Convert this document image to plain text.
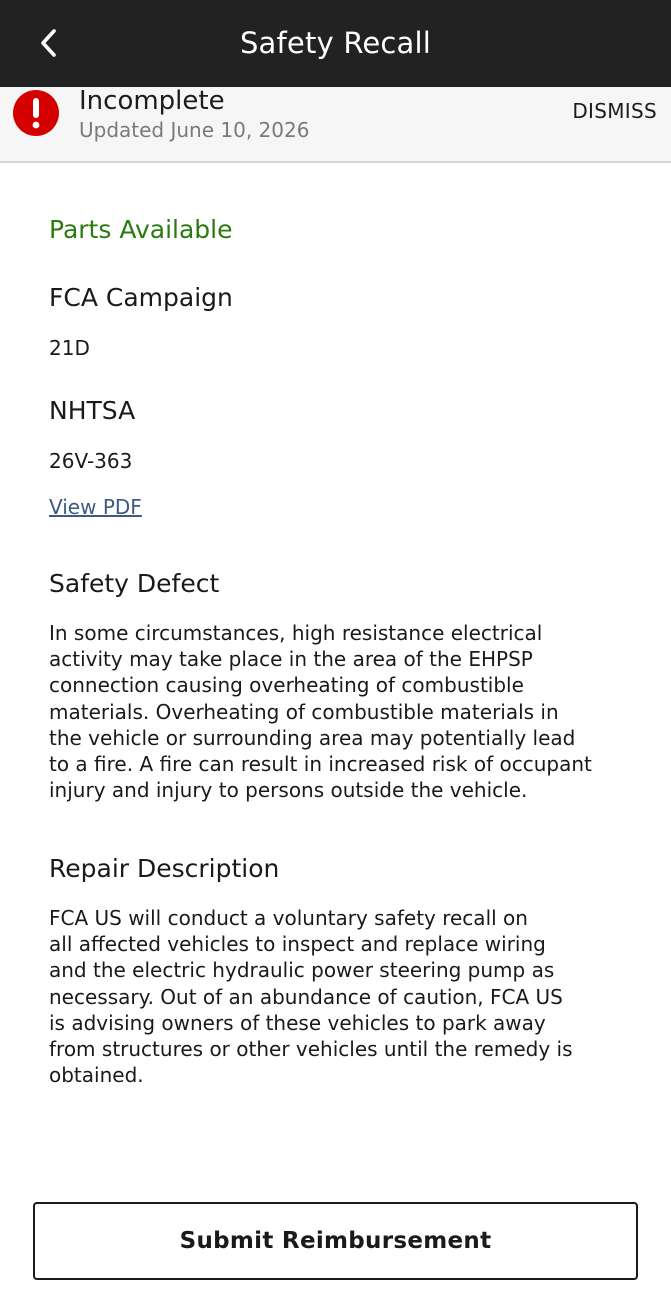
Safety Recall
Incomplete
Updated June 10, 2026
DISMISS
Parts Available
FCA Campaign
21D
NHTSA
26V-363
View PDF
Safety Defect
In some circumstances, high resistance electrical
activity may take place in the area of the EHPSP
connection causing overheating of combustible
materials. Overheating of combustible materials in
the vehicle or surrounding area may potentially lead
to a fire. A fire can result in increased risk of occupant
injury and injury to persons outside the vehicle.
Repair Description
FCA US will conduct a voluntary safety recall on
all affected vehicles to inspect and replace wiring
and the electric hydraulic power steering pump as
necessary. Out of an abundance of caution, FCA US
is advising owners of these vehicles to park away
from structures or other vehicles until the remedy is
obtained.
Submit Reimbursement
